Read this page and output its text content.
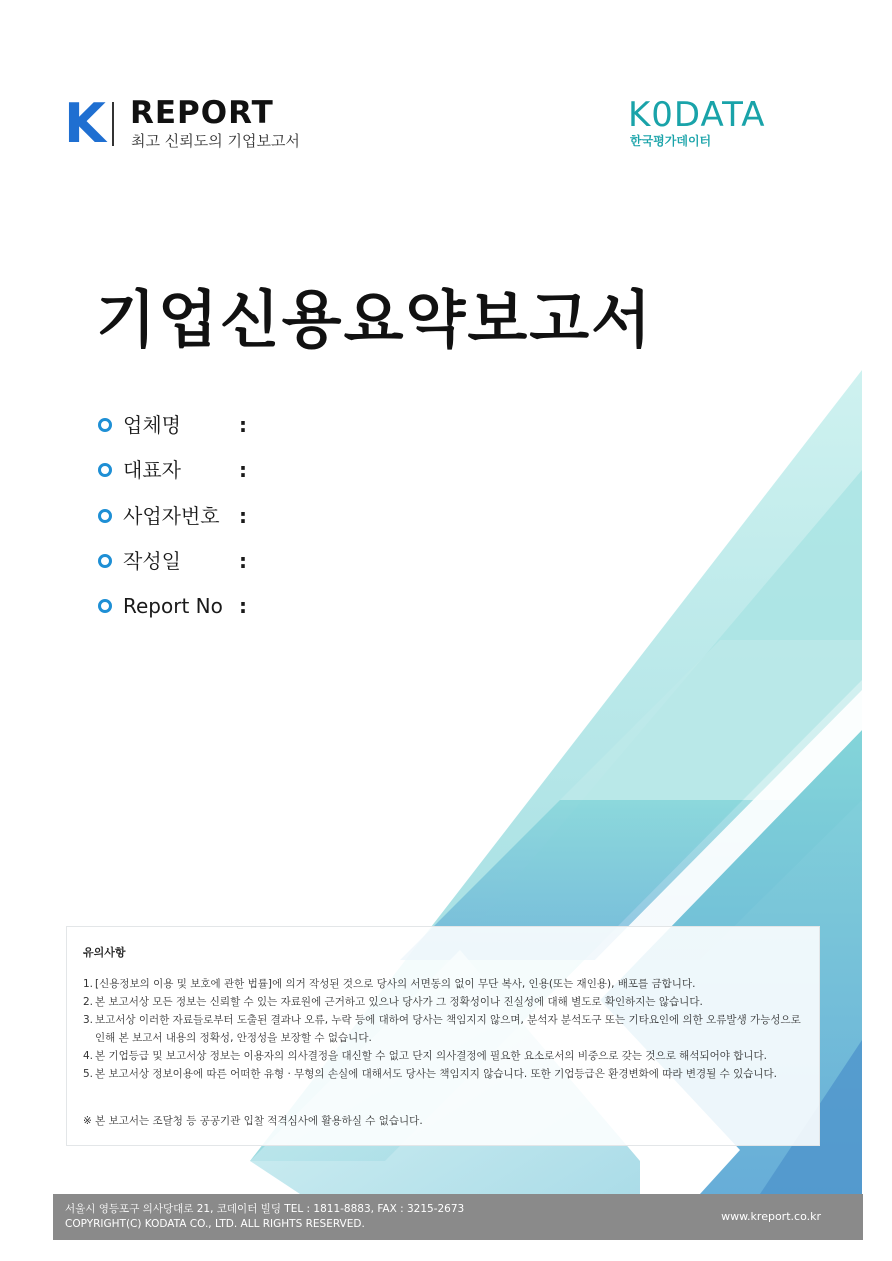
K REPORT
최고 신뢰도의 기업보고서
K0DATA
한국평가데이터
기업신용요약보고서
업체명	:
대표자	:
사업자번호 :
작성일	:
Report No :
유의사항
1. [신용정보의 이용 및 보호에 관한 법률]에 의거 작성된 것으로 당사의 서면동의 없이 무단 복사, 인용(또는 재인용), 배포를 금합니다.
2. 본 보고서상 모든 정보는 신뢰할 수 있는 자료원에 근거하고 있으나 당사가 그 정확성이나 진실성에 대해 별도로 확인하지는 않습니다.
3. 보고서상 이러한 자료들로부터 도출된 결과나 오류, 누락 등에 대하여 당사는 책임지지 않으며, 분석자 분석도구 또는 기타요인에 의한 오류발생 가능성으로 인해 본 보고서 내용의 정확성, 안정성을 보장할 수 없습니다.
4. 본 기업등급 및 보고서상 정보는 이용자의 의사결정을 대신할 수 없고 단지 의사결정에 필요한 요소로서의 비중으로 갖는 것으로 해석되어야 합니다.
5. 본 보고서상 정보이용에 따른 어떠한 유형 · 무형의 손실에 대해서도 당사는 책임지지 않습니다. 또한 기업등급은 환경변화에 따라 변경될 수 있습니다.
※ 본 보고서는 조달청 등 공공기관 입찰 적격심사에 활용하실 수 없습니다.
서울시 영등포구 의사당대로 21, 코데이터 빌딩 TEL : 1811-8883, FAX : 3215-2673
COPYRIGHT(C) KODATA CO., LTD. ALL RIGHTS RESERVED.
www.kreport.co.kr
